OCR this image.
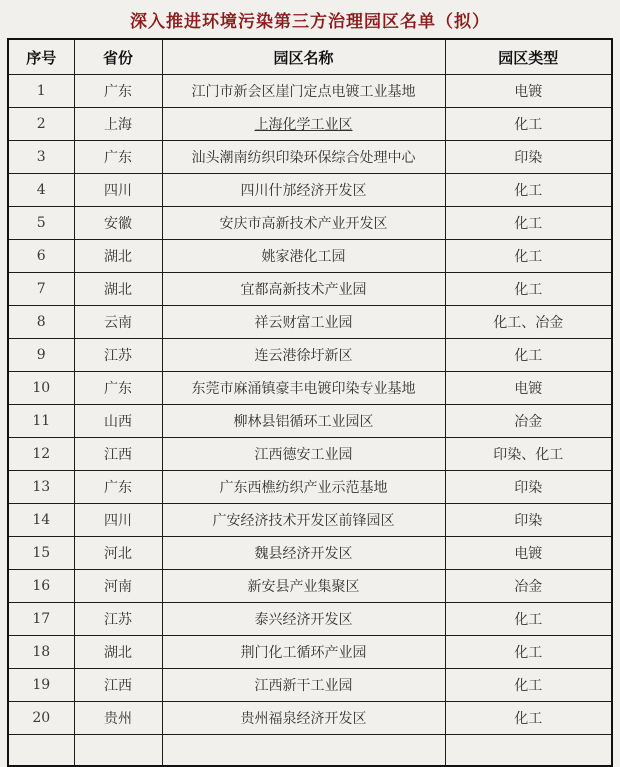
深入推进环境污染第三方治理园区名单（拟）
序号	省份	园区名称	园区类型
1	广东	江门市新会区崖门定点电镀工业基地	电镀
2	上海	上海化学工业区	化工
3	广东	汕头潮南纺织印染环保综合处理中心	印染
4	四川	四川什邡经济开发区	化工
5	安徽	安庆市高新技术产业开发区	化工
6	湖北	姚家港化工园	化工
7	湖北	宜都高新技术产业园	化工
8	云南	祥云财富工业园	化工、冶金
9	江苏	连云港徐圩新区	化工
10	广东	东莞市麻涌镇豪丰电镀印染专业基地	电镀
11	山西	柳林县铝循环工业园区	冶金
12	江西	江西德安工业园	印染、化工
13	广东	广东西樵纺织产业示范基地	印染
14	四川	广安经济技术开发区前锋园区	印染
15	河北	魏县经济开发区	电镀
16	河南	新安县产业集聚区	冶金
17	江苏	泰兴经济开发区	化工
18	湖北	荆门化工循环产业园	化工
19	江西	江西新干工业园	化工
20	贵州	贵州福泉经济开发区	化工
